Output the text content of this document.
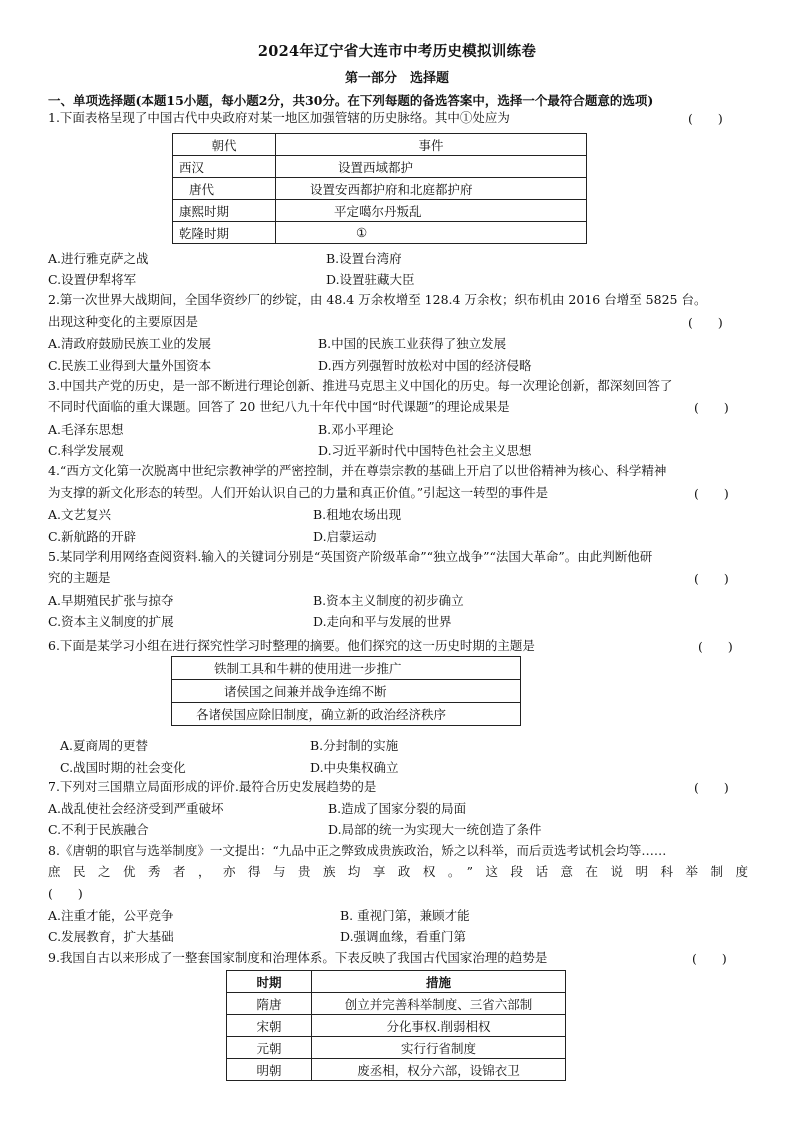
2024年辽宁省大连市中考历史模拟训练卷
第一部分　选择题
一、单项选择题(本题15小题，每小题2分，共30分。在下列每题的备选答案中，选择一个最符合题意的选项)
1.下面表格呈现了中国古代中央政府对某一地区加强管辖的历史脉络。其中①处应为	(　　)
朝代	事件
西汉	设置西域都护
唐代	设置安西都护府和北庭都护府
康熙时期	平定噶尔丹叛乱
乾隆时期	①
A.进行雅克萨之战	B.设置台湾府
C.设置伊犁将军	D.设置驻藏大臣
2.第一次世界大战期间，全国华资纱厂的纱锭，由 48.4 万余枚增至 128.4 万余枚；织布机由 2016 台增至 5825 台。
出现这种变化的主要原因是	(　　)
A.清政府鼓励民族工业的发展	B.中国的民族工业获得了独立发展
C.民族工业得到大量外国资本	D.西方列强暂时放松对中国的经济侵略
3.中国共产党的历史，是一部不断进行理论创新、推进马克思主义中国化的历史。每一次理论创新，都深刻回答了
不同时代面临的重大课题。回答了 20 世纪八九十年代中国“时代课题”的理论成果是	(　　)
A.毛泽东思想	B.邓小平理论
C.科学发展观	D.习近平新时代中国特色社会主义思想
4.“西方文化第一次脱离中世纪宗教神学的严密控制，并在尊崇宗教的基础上开启了以世俗精神为核心、科学精神
为支撑的新文化形态的转型。人们开始认识自己的力量和真正价值。”引起这一转型的事件是	(　　)
A.文艺复兴	B.租地农场出现
C.新航路的开辟	D.启蒙运动
5.某同学利用网络查阅资料.输入的关键词分别是“英国资产阶级革命”“独立战争”“法国大革命”。由此判断他研
究的主题是	(　　)
A.早期殖民扩张与掠夺	B.资本主义制度的初步确立
C.资本主义制度的扩展	D.走向和平与发展的世界
6.下面是某学习小组在进行探究性学习时整理的摘要。他们探究的这一历史时期的主题是	(　　)
铁制工具和牛耕的使用进一步推广
诸侯国之间兼并战争连绵不断
各诸侯国应除旧制度，确立新的政治经济秩序
A.夏商周的更替	B.分封制的实施
C.战国时期的社会变化	D.中央集权确立
7.下列对三国鼎立局面形成的评价.最符合历史发展趋势的是	(　　)
A.战乱使社会经济受到严重破坏	B.造成了国家分裂的局面
C.不利于民族融合	D.局部的统一为实现大一统创造了条件
8.《唐朝的职官与选举制度》一文提出：“九品中正之弊致成贵族政治，矫之以科举，而后贡选考试机会均等……
庶民之优秀者，亦得与贵族均享政权。”这段话意在说明科举制度
(　　)
A.注重才能，公平竞争	B. 重视门第，兼顾才能
C.发展教育，扩大基础	D.强调血缘，看重门第
9.我国自古以来形成了一整套国家制度和治理体系。下表反映了我国古代国家治理的趋势是	(　　)
时期	措施
隋唐	创立并完善科举制度、三省六部制
宋朝	分化事权.削弱相权
元朝	实行行省制度
明朝	废丞相，权分六部，设锦衣卫
